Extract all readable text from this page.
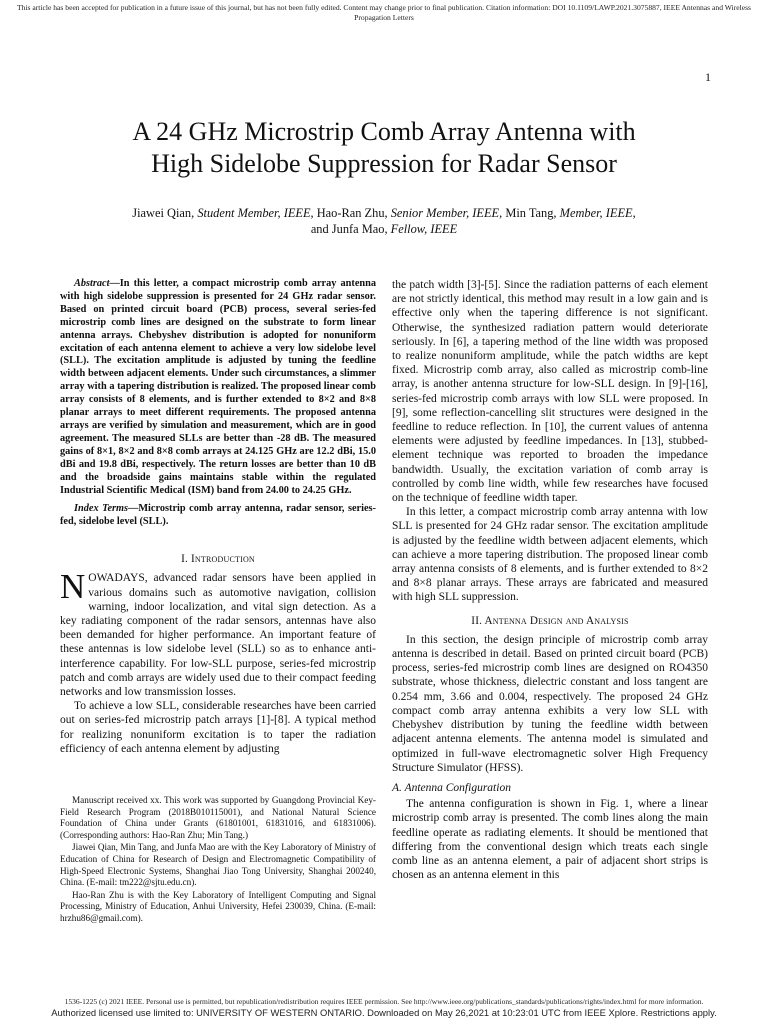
This article has been accepted for publication in a future issue of this journal, but has not been fully edited. Content may change prior to final publication. Citation information: DOI 10.1109/LAWP.2021.3075887, IEEE Antennas and Wireless Propagation Letters
1
A 24 GHz Microstrip Comb Array Antenna with
High Sidelobe Suppression for Radar Sensor
Jiawei Qian, Student Member, IEEE, Hao-Ran Zhu, Senior Member, IEEE, Min Tang, Member, IEEE,
and Junfa Mao, Fellow, IEEE

Abstract—In this letter, a compact microstrip comb array antenna with high sidelobe suppression is presented for 24 GHz radar sensor. Based on printed circuit board (PCB) process, several series-fed microstrip comb lines are designed on the substrate to form linear antenna arrays. Chebyshev distribution is adopted for nonuniform excitation of each antenna element to achieve a very low sidelobe level (SLL). The excitation amplitude is adjusted by tuning the feedline width between adjacent elements. Under such circumstances, a slimmer array with a tapering distribution is realized. The proposed linear comb array consists of 8 elements, and is further extended to 8×2 and 8×8 planar arrays to meet different requirements. The proposed antenna arrays are verified by simulation and measurement, which are in good agreement. The measured SLLs are better than -28 dB. The measured gains of 8×1, 8×2 and 8×8 comb arrays at 24.125 GHz are 12.2 dBi, 15.0 dBi and 19.8 dBi, respectively. The return losses are better than 10 dB and the broadside gains maintains stable within the regulated Industrial Scientific Medical (ISM) band from 24.00 to 24.25 GHz.

Index Terms—Microstrip comb array antenna, radar sensor, series-fed, sidelobe level (SLL).

I. Introduction

NOWADAYS, advanced radar sensors have been applied in various domains such as automotive navigation, collision warning, indoor localization, and vital sign detection. As a key radiating component of the radar sensors, antennas have also been demanded for higher performance. An important feature of these antennas is low sidelobe level (SLL) so as to enhance anti-interference capability. For low-SLL purpose, series-fed microstrip patch and comb arrays are widely used due to their compact feeding networks and low transmission losses.

To achieve a low SLL, considerable researches have been carried out on series-fed microstrip patch arrays [1]-[8]. A typical method for realizing nonuniform excitation is to taper the radiation efficiency of each antenna element by adjusting

Manuscript received xx. This work was supported by Guangdong Provincial Key-Field Research Program (2018B010115001), and National Natural Science Foundation of China under Grants (61801001, 61831016, and 61831006). (Corresponding authors: Hao-Ran Zhu; Min Tang.)

Jiawei Qian, Min Tang, and Junfa Mao are with the Key Laboratory of Ministry of Education of China for Research of Design and Electromagnetic Compatibility of High-Speed Electronic Systems, Shanghai Jiao Tong University, Shanghai 200240, China. (E-mail: tm222@sjtu.edu.cn).

Hao-Ran Zhu is with the Key Laboratory of Intelligent Computing and Signal Processing, Ministry of Education, Anhui University, Hefei 230039, China. (E-mail: hrzhu86@gmail.com).

the patch width [3]-[5]. Since the radiation patterns of each element are not strictly identical, this method may result in a low gain and is effective only when the tapering difference is not significant. Otherwise, the synthesized radiation pattern would deteriorate seriously. In [6], a tapering method of the line width was proposed to realize nonuniform amplitude, while the patch widths are kept fixed. Microstrip comb array, also called as microstrip comb-line array, is another antenna structure for low-SLL design. In [9]-[16], series-fed microstrip comb arrays with low SLL were proposed. In [9], some reflection-cancelling slit structures were designed in the feedline to reduce reflection. In [10], the current values of antenna elements were adjusted by feedline impedances. In [13], stubbed-element technique was reported to broaden the impedance bandwidth. Usually, the excitation variation of comb array is controlled by comb line width, while few researches have focused on the technique of feedline width taper.

In this letter, a compact microstrip comb array antenna with low SLL is presented for 24 GHz radar sensor. The excitation amplitude is adjusted by the feedline width between adjacent elements, which can achieve a more tapering distribution. The proposed linear comb array antenna consists of 8 elements, and is further extended to 8×2 and 8×8 planar arrays. These arrays are fabricated and measured with high SLL suppression.

II. Antenna Design and Analysis

In this section, the design principle of microstrip comb array antenna is described in detail. Based on printed circuit board (PCB) process, series-fed microstrip comb lines are designed on RO4350 substrate, whose thickness, dielectric constant and loss tangent are 0.254 mm, 3.66 and 0.004, respectively. The proposed 24 GHz compact comb array antenna exhibits a very low SLL with Chebyshev distribution by tuning the feedline width between adjacent antenna elements. The antenna model is simulated and optimized in full-wave electromagnetic solver High Frequency Structure Simulator (HFSS).

A. Antenna Configuration

The antenna configuration is shown in Fig. 1, where a linear microstrip comb array is presented. The comb lines along the main feedline operate as radiating elements. It should be mentioned that differing from the conventional design which treats each single comb line as an antenna element, a pair of adjacent short strips is chosen as an antenna element in this

1536-1225 (c) 2021 IEEE. Personal use is permitted, but republication/redistribution requires IEEE permission. See http://www.ieee.org/publications_standards/publications/rights/index.html for more information.
Authorized licensed use limited to: UNIVERSITY OF WESTERN ONTARIO. Downloaded on May 26,2021 at 10:23:01 UTC from IEEE Xplore. Restrictions apply.
